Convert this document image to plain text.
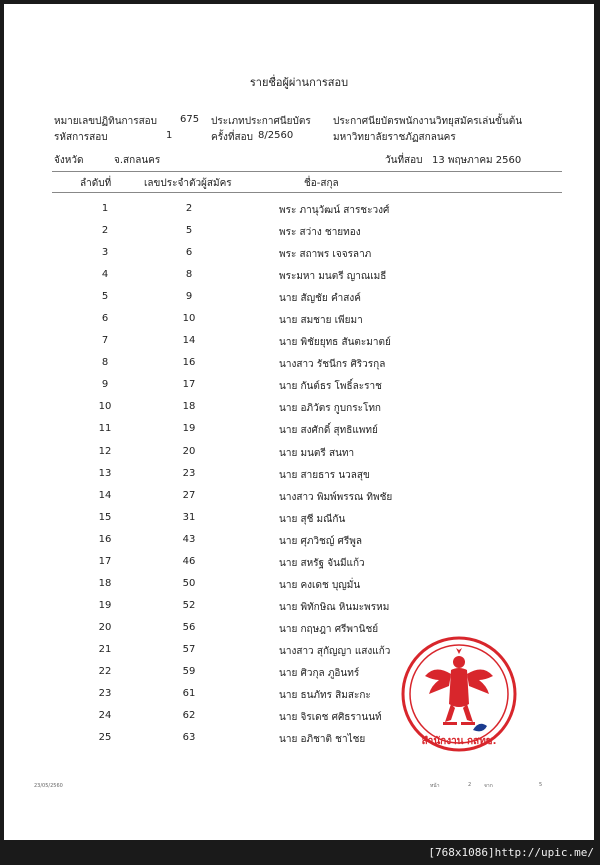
รายชื่อผู้ผ่านการสอบ
หมายเลขปฏิทินการสอบ 675 ประเภทประกาศนียบัตร ประกาศนียบัตรพนักงานวิทยุสมัครเล่นขั้นต้น
รหัสการสอบ	1	ครั้งที่สอบ 8/2560	มหาวิทยาลัยราชภัฏสกลนคร
จังหวัด	จ.สกลนคร	วันที่สอบ 13 พฤษภาคม 2560
ลำดับที่	เลขประจำตัวผู้สมัคร	ชื่อ-สกุล
1	2	พระ ภานุวัฒน์ สารชะวงศ์
2	5	พระ สว่าง ชายทอง
3	6	พระ สถาพร เจจรลาภ
4	8	พระมหา มนตรี ญาณเมธี
5	9	นาย สัญชัย คำสงค์
6	10	นาย สมชาย เพียมา
7	14	นาย พิชัยยุทธ สันตะมาตย์
8	16	นางสาว รัชนีกร ศิริวรกุล
9	17	นาย กันต์ธร โพธิ์ละราช
10	18	นาย อภิวัตร กูบกระโทก
11	19	นาย สงศักดิ์ สุทธิแพทย์
12	20	นาย มนตรี สนทา
13	23	นาย สายธาร นวลสุข
14	27	นางสาว พิมพ์พรรณ ทิพชัย
15	31	นาย สุชี มณีกัน
16	43	นาย ศุภวิชญ์ ศรีพูล
17	46	นาย สหรัฐ จันมีแก้ว
18	50	นาย คงเดช บุญมั่น
19	52	นาย พิทักษิณ หินมะพรหม
20	56	นาย กฤษฎา ศรีพานิชย์
21	57	นางสาว สุกัญญา แสงแก้ว
22	59	นาย ศิวกุล ภูอินทร์
23	61	นาย ธนภัทร สิมสะกะ
24	62	นาย จิรเดช ศศิธรานนท์
25	63	นาย อภิชาติ ชาไชย	สำนักงาน กสทช.
23/05/2560	หน้า	2	จาก	5
[768x1086]http://upic.me/
